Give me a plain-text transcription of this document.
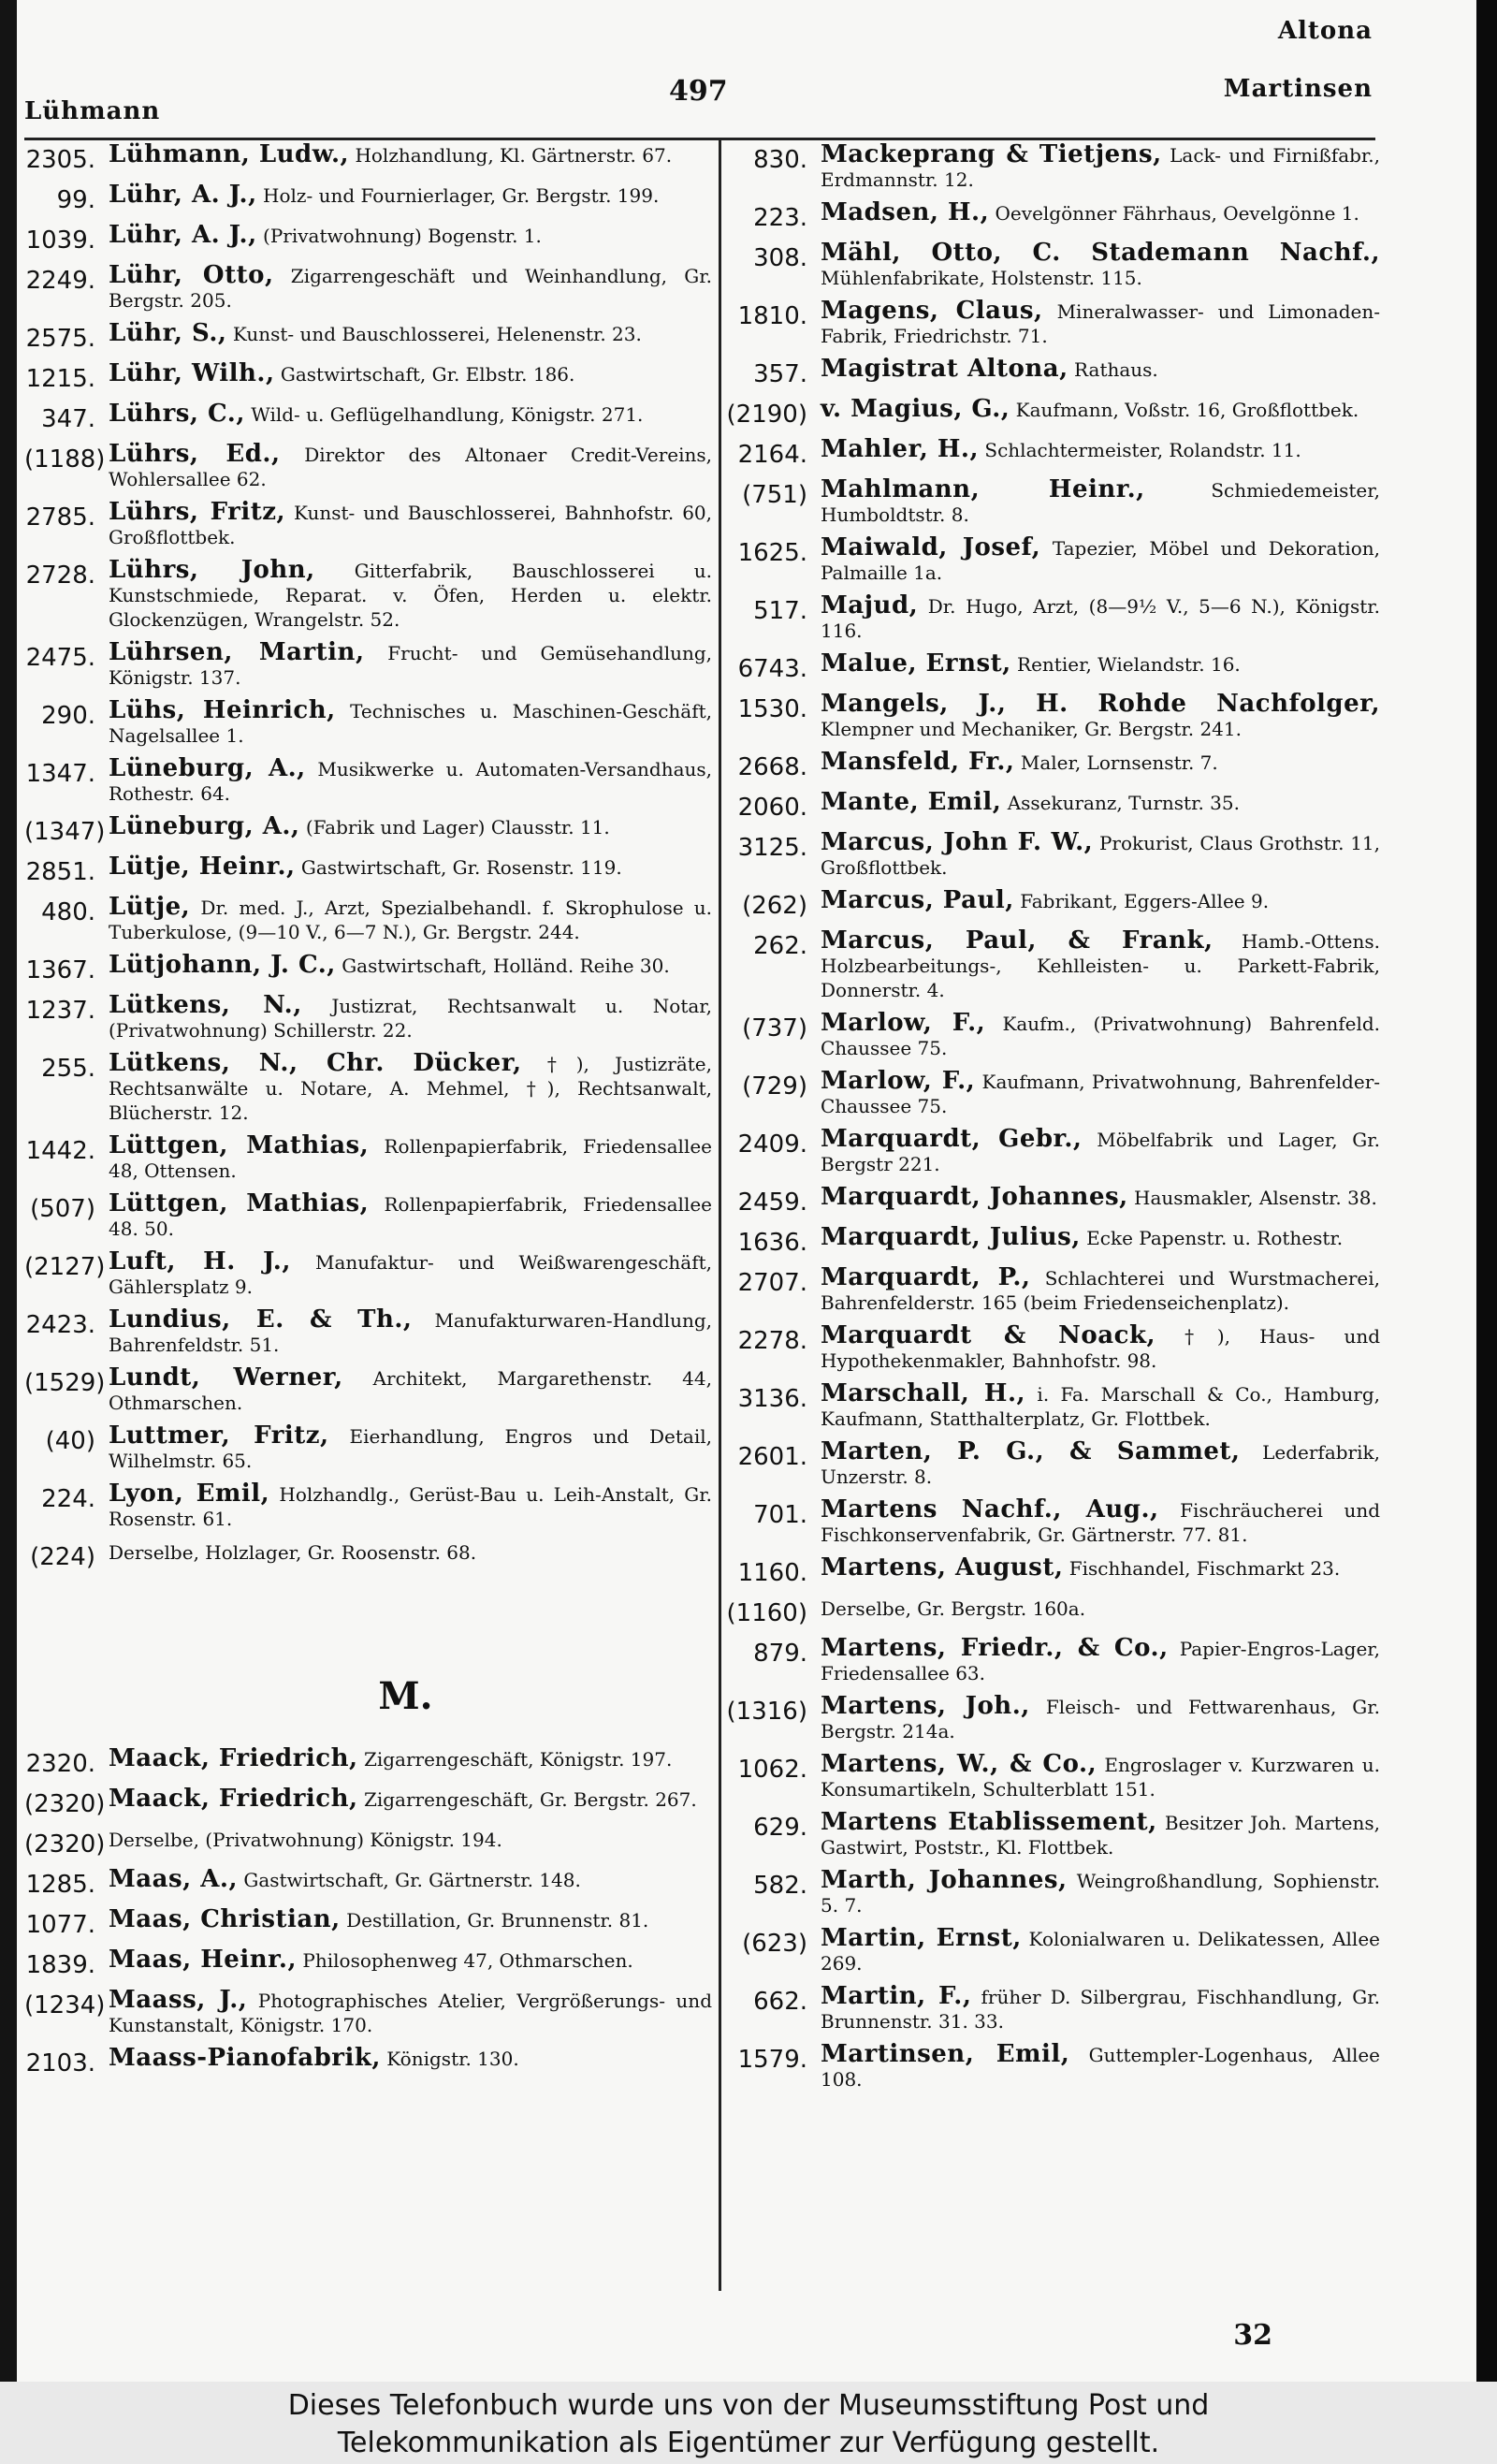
Altona
497
Lühmann
Martinsen
2305. Lühmann, Ludw., Holzhandlung, Kl. Gärtnerstr. 67.
99. Lühr, A. J., Holz- und Fournierlager, Gr. Bergstr. 199.
1039. Lühr, A. J., (Privatwohnung) Bogenstr. 1.
2249. Lühr, Otto, Zigarrengeschäft und Weinhandlung, Gr. Bergstr. 205.
2575. Lühr, S., Kunst- und Bauschlosserei, Helenenstr. 23.
1215. Lühr, Wilh., Gastwirtschaft, Gr. Elbstr. 186.
347. Lührs, C., Wild- u. Geflügelhandlung, Königstr. 271.
(1188) Lührs, Ed., Direktor des Altonaer Credit-Vereins, Wohlersallee 62.
2785. Lührs, Fritz, Kunst- und Bauschlosserei, Bahnhofstr. 60, Großflottbek.
2728. Lührs, John, Gitterfabrik, Bauschlosserei u. Kunstschmiede, Reparat. v. Öfen, Herden u. elektr. Glockenzügen, Wrangelstr. 52.
2475. Lührsen, Martin, Frucht- und Gemüsehandlung, Königstr. 137.
290. Lühs, Heinrich, Technisches u. Maschinen-Geschäft, Nagelsallee 1.
1347. Lüneburg, A., Musikwerke u. Automaten-Versandhaus, Rothestr. 64.
(1347) Lüneburg, A., (Fabrik und Lager) Clausstr. 11.
2851. Lütje, Heinr., Gastwirtschaft, Gr. Rosenstr. 119.
480. Lütje, Dr. med. J., Arzt, Spezialbehandl. f. Skrophulose u. Tuberkulose, (9—10 V., 6—7 N.), Gr. Bergstr. 244.
1367. Lütjohann, J. C., Gastwirtschaft, Holländ. Reihe 30.
1237. Lütkens, N., Justizrat, Rechtsanwalt u. Notar, (Privatwohnung) Schillerstr. 22.
255. Lütkens, N., Chr. Dücker, †), Justizräte, Rechtsanwälte u. Notare, A. Mehmel, †), Rechtsanwalt, Blücherstr. 12.
1442. Lüttgen, Mathias, Rollenpapierfabrik, Friedensallee 48, Ottensen.
(507) Lüttgen, Mathias, Rollenpapierfabrik, Friedensallee 48. 50.
(2127) Luft, H. J., Manufaktur- und Weißwarengeschäft, Gählersplatz 9.
2423. Lundius, E. & Th., Manufakturwaren-Handlung, Bahrenfeldstr. 51.
(1529) Lundt, Werner, Architekt, Margarethenstr. 44, Othmarschen.
(40) Luttmer, Fritz, Eierhandlung, Engros und Detail, Wilhelmstr. 65.
224. Lyon, Emil, Holzhandlg., Gerüst-Bau u. Leih-Anstalt, Gr. Rosenstr. 61.
(224) Derselbe, Holzlager, Gr. Roosenstr. 68.
M.
2320. Maack, Friedrich, Zigarrengeschäft, Königstr. 197.
(2320) Maack, Friedrich, Zigarrengeschäft, Gr. Bergstr. 267.
(2320) Derselbe, (Privatwohnung) Königstr. 194.
1285. Maas, A., Gastwirtschaft, Gr. Gärtnerstr. 148.
1077. Maas, Christian, Destillation, Gr. Brunnenstr. 81.
1839. Maas, Heinr., Philosophenweg 47, Othmarschen.
(1234) Maass, J., Photographisches Atelier, Vergrößerungs- und Kunstanstalt, Königstr. 170.
2103. Maass-Pianofabrik, Königstr. 130.
830. Mackeprang & Tietjens, Lack- und Firnißfabr., Erdmannstr. 12.
223. Madsen, H., Oevelgönner Fährhaus, Oevelgönne 1.
308. Mähl, Otto, C. Stademann Nachf., Mühlenfabrikate, Holstenstr. 115.
1810. Magens, Claus, Mineralwasser- und Limonaden-Fabrik, Friedrichstr. 71.
357. Magistrat Altona, Rathaus.
(2190) v. Magius, G., Kaufmann, Voßstr. 16, Großflottbek.
2164. Mahler, H., Schlachtermeister, Rolandstr. 11.
(751) Mahlmann, Heinr.,	Schmiedemeister, Humboldtstr. 8.
1625. Maiwald, Josef, Tapezier, Möbel und Dekoration, Palmaille 1a.
517. Majud, Dr. Hugo, Arzt, (8—9½ V., 5—6 N.), Königstr. 116.
6743. Malue, Ernst, Rentier, Wielandstr. 16.
1530. Mangels, J., H. Rohde Nachfolger, Klempner und Mechaniker, Gr. Bergstr. 241.
2668. Mansfeld, Fr., Maler, Lornsenstr. 7.
2060. Mante, Emil, Assekuranz, Turnstr. 35.
3125. Marcus, John F. W., Prokurist, Claus Grothstr. 11, Großflottbek.
(262) Marcus, Paul, Fabrikant, Eggers-Allee 9.
262. Marcus, Paul, & Frank, Hamb.-Ottens. Holzbearbeitungs-, Kehlleisten- u. Parkett-Fabrik, Donnerstr. 4.
(737) Marlow, F., Kaufm., (Privatwohnung) Bahrenfeld. Chaussee 75.
(729) Marlow, F., Kaufmann, Privatwohnung, Bahrenfelder-Chaussee 75.
2409. Marquardt, Gebr., Möbelfabrik und Lager, Gr. Bergstr 221.
2459. Marquardt, Johannes, Hausmakler, Alsenstr. 38.
1636. Marquardt, Julius, Ecke Papenstr. u. Rothestr.
2707. Marquardt, P., Schlachterei und Wurstmacherei, Bahrenfelderstr. 165 (beim Friedenseichenplatz).
2278. Marquardt & Noack, †), Haus- und Hypothekenmakler, Bahnhofstr. 98.
3136. Marschall, H., i. Fa. Marschall & Co., Hamburg, Kaufmann, Statthalterplatz, Gr. Flottbek.
2601. Marten, P. G., & Sammet, Lederfabrik, Unzerstr. 8.
701. Martens Nachf., Aug., Fischräucherei und Fischkonservenfabrik, Gr. Gärtnerstr. 77. 81.
1160. Martens, August, Fischhandel, Fischmarkt 23.
(1160) Derselbe, Gr. Bergstr. 160a.
879. Martens, Friedr., & Co., Papier-Engros-Lager, Friedensallee 63.
(1316) Martens, Joh., Fleisch- und Fettwarenhaus, Gr. Bergstr. 214a.
1062. Martens, W., & Co., Engroslager v. Kurzwaren u. Konsumartikeln, Schulterblatt 151.
629. Martens Etablissement, Besitzer Joh. Martens, Gastwirt, Poststr., Kl. Flottbek.
582. Marth, Johannes, Weingroßhandlung, Sophienstr. 5. 7.
(623) Martin, Ernst, Kolonialwaren u. Delikatessen, Allee 269.
662. Martin, F., früher D. Silbergrau, Fischhandlung, Gr. Brunnenstr. 31. 33.
1579. Martinsen, Emil, Guttempler-Logenhaus, Allee 108.
32
Dieses Telefonbuch wurde uns von der Museumsstiftung Post und
Telekommunikation als Eigentümer zur Verfügung gestellt.
